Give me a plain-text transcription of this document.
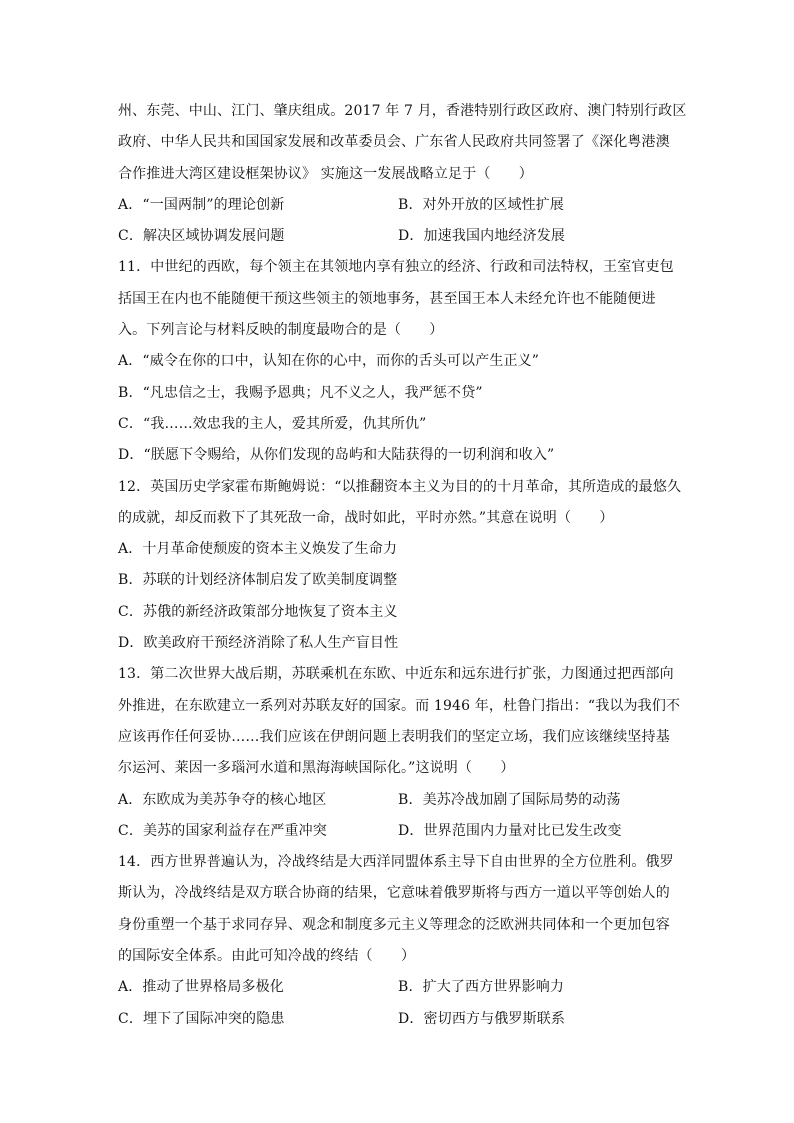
州、东莞、中山、江门、肇庆组成。2017 年 7 月，香港特别行政区政府、澳门特别行政区
政府、中华人民共和国国家发展和改革委员会、广东省人民政府共同签署了《深化粤港澳
合作推进大湾区建设框架协议》 实施这一发展战略立足于（　　）
A．“一国两制”的理论创新	B．对外开放的区域性扩展
C．解决区域协调发展问题	D．加速我国内地经济发展
11．中世纪的西欧，每个领主在其领地内享有独立的经济、行政和司法特权，王室官吏包
括国王在内也不能随便干预这些领主的领地事务，甚至国王本人未经允许也不能随便进
入。下列言论与材料反映的制度最吻合的是（　　）
A．“威令在你的口中，认知在你的心中，而你的舌头可以产生正义”
B．“凡忠信之士，我赐予恩典；凡不义之人，我严惩不贷”
C．“我……效忠我的主人，爱其所爱，仇其所仇”
D．“朕愿下令赐给，从你们发现的岛屿和大陆获得的一切利润和收入”
12．英国历史学家霍布斯鲍姆说：“以推翻资本主义为目的的十月革命，其所造成的最悠久
的成就，却反而救下了其死敌一命，战时如此，平时亦然。”其意在说明（　　）
A．十月革命使颓废的资本主义焕发了生命力
B．苏联的计划经济体制启发了欧美制度调整
C．苏俄的新经济政策部分地恢复了资本主义
D．欧美政府干预经济消除了私人生产盲目性
13．第二次世界大战后期，苏联乘机在东欧、中近东和远东进行扩张，力图通过把西部向
外推进，在东欧建立一系列对苏联友好的国家。而 1946 年，杜鲁门指出：“我以为我们不
应该再作任何妥协……我们应该在伊朗问题上表明我们的坚定立场，我们应该继续坚持基
尔运河、莱因一多瑙河水道和黑海海峡国际化。”这说明（　　）
A．东欧成为美苏争夺的核心地区	B．美苏冷战加剧了国际局势的动荡
C．美苏的国家利益存在严重冲突	D．世界范围内力量对比已发生改变
14．西方世界普遍认为，冷战终结是大西洋同盟体系主导下自由世界的全方位胜利。俄罗
斯认为，冷战终结是双方联合协商的结果，它意味着俄罗斯将与西方一道以平等创始人的
身份重塑一个基于求同存异、观念和制度多元主义等理念的泛欧洲共同体和一个更加包容
的国际安全体系。由此可知冷战的终结（　　）
A．推动了世界格局多极化	B．扩大了西方世界影响力
C．埋下了国际冲突的隐患	D．密切西方与俄罗斯联系
